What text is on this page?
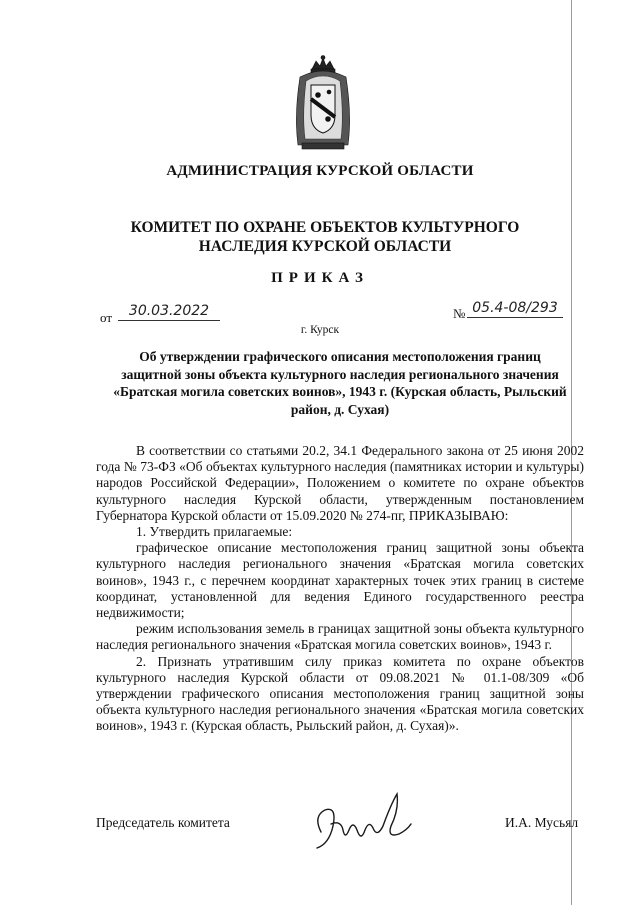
АДМИНИСТРАЦИЯ КУРСКОЙ ОБЛАСТИ
КОМИТЕТ ПО ОХРАНЕ ОБЪЕКТОВ КУЛЬТУРНОГО НАСЛЕДИЯ КУРСКОЙ ОБЛАСТИ
ПРИКАЗ
от	30.03.2022	№ 05.4-08/293
г. Курск
Об утверждении графического описания местоположения границ защитной зоны объекта культурного наследия регионального значения «Братская могила советских воинов», 1943 г. (Курская область, Рыльский район, д. Сухая)

В соответствии со статьями 20.2, 34.1 Федерального закона от 25 июня 2002 года № 73-ФЗ «Об объектах культурного наследия (памятниках истории и культуры) народов Российской Федерации», Положением о комитете по охране объектов культурного наследия Курской области, утвержденным постановлением Губернатора Курской области от 15.09.2020 № 274-пг, ПРИКАЗЫВАЮ:

1. Утвердить прилагаемые:

графическое описание местоположения границ защитной зоны объекта культурного наследия регионального значения «Братская могила советских воинов», 1943 г., с перечнем координат характерных точек этих границ в системе координат, установленной для ведения Единого государственного реестра недвижимости;

режим использования земель в границах защитной зоны объекта культурного наследия регионального значения «Братская могила советских воинов», 1943 г.

2. Признать утратившим силу приказ комитета по охране объектов культурного наследия Курской области от 09.08.2021 № 01.1-08/309 «Об утверждении графического описания местоположения границ защитной зоны объекта культурного наследия регионального значения «Братская могила советских воинов», 1943 г. (Курская область, Рыльский район, д. Сухая)».

Председатель комитета	И.А. Мусьял
